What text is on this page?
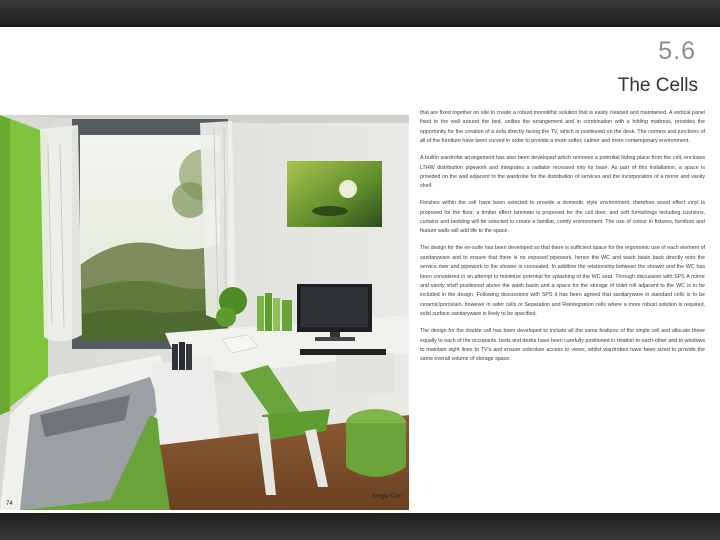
5.6
The Cells
Single Cell
74

that are fixed together on site to create a robust monolithic solution that is easily cleaned and maintained. A vertical panel fixed to the wall around the bed, unifies the arrangement and in combination with a folding mattress, provides the opportunity for the creation of a sofa directly facing the TV, which is positioned on the desk. The corners and junctions of all of the furniture have been curved in order to provide a more softer, calmer and more contemporary environment.

A builtin wardrobe arrangement has also been developed which removes a potential hiding place from the cell, encloses LTHW distribution pipework and integrates a radiator recessed into its base. As part of this installation, a space is provided on the wall adjacent to the wardrobe for the distribution of services and the incorporation of a mirror and vanity shelf.

Finishes within the cell have been selected to provide a domestic style environment, therefore wood effect vinyl is proposed for the floor, a timber effect laminate is proposed for the cell door, and soft furnishings including cushions, curtains and bedding will be selected to create a familiar, comfy environment. The use of colour in fixtures, furniture and feature walls will add life to the space.

The design for the en-suite has been developed so that there is sufficient space for the ergonomic use of each element of sanitaryware and to ensure that there is no exposed pipework, hence the WC and wash basin back directly onto the service riser and pipework to the shower is concealed. In addition the relationship between the shower and the WC has been considered in an attempt to minimize potential for splashing of the WC seat. Through discussion with SPS A mirror and vanity shelf positioned above the wash basin and a space for the storage of toilet roll adjacent to the WC is to be included in the design. Following discussions with SPS it has been agreed that sanitaryware in standard cells is to be ceramic/porcelain, however in safer cells or Separation and Reintegration cells where a more robust solution is required, solid surface sanitaryware is likely to be specified.

The design for the double cell has been developed to include all the same features of the single cell and allocate these equally to each of the occupants. beds and desks have been carefully positioned in relation to each-other and to windows to maintain sight lines to TV's and ensure unbroken access to views, whilst wardrobes have been sized to provide the same overall volume of storage space.
